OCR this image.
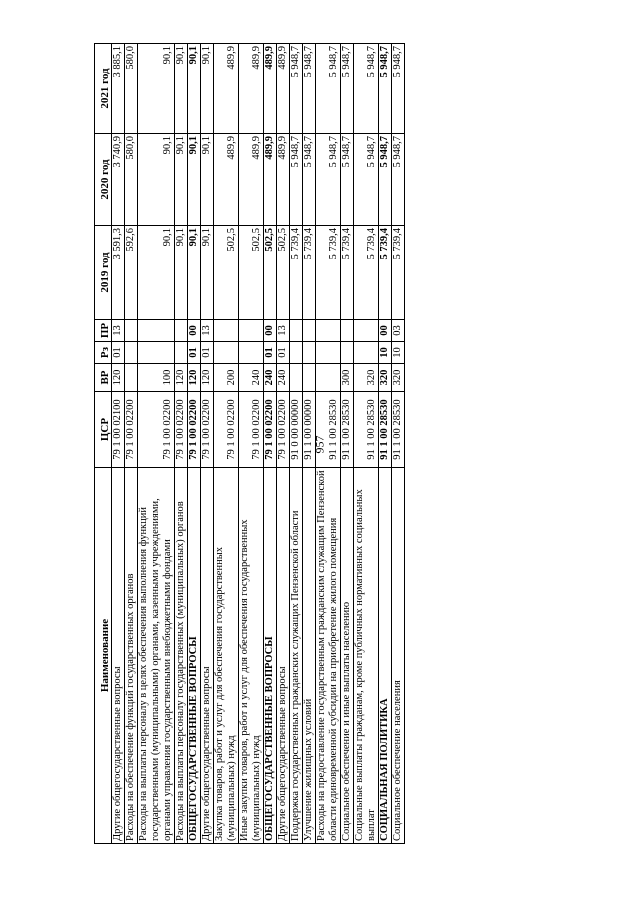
957
Наименование	ЦСР	ВР	Рз	ПР	2019 год	2020 год	2021 год
Другие общегосударственные вопросы	79 1 00 02100	120	01	13	3 591,3	3 740,9	3 885,1
Расходы на обеспечение функций государственных органов	79 1 00 02200				592,6	580,0	580,0
Расходы на выплаты персоналу в целях обеспечения выполнения функций государственными (муниципальными) органами, казенными учреждениями, органами управления государственными внебюджетными фондами	79 1 00 02200	100			90,1	90,1	90,1
Расходы на выплаты персоналу государственных (муниципальных) органов	79 1 00 02200	120			90,1	90,1	90,1
ОБЩЕГОСУДАРСТВЕННЫЕ ВОПРОСЫ	79 1 00 02200	120	01	00	90,1	90,1	90,1
Другие общегосударственные вопросы	79 1 00 02200	120	01	13	90,1	90,1	90,1
Закупка товаров, работ и услуг для обеспечения государственных (муниципальных) нужд	79 1 00 02200	200			502,5	489,9	489,9
Иные закупки товаров, работ и услуг для обеспечения государственных (муниципальных) нужд	79 1 00 02200	240			502,5	489,9	489,9
ОБЩЕГОСУДАРСТВЕННЫЕ ВОПРОСЫ	79 1 00 02200	240	01	00	502,5	489,9	489,9
Другие общегосударственные вопросы	79 1 00 02200	240	01	13	502,5	489,9	489,9
Поддержка государственных гражданских служащих Пензенской области	91 0 00 00000				5 739,4	5 948,7	5 948,7
Улучшение жилищных условий	91 1 00 00000				5 739,4	5 948,7	5 948,7
Расходы на предоставление государственным гражданским служащим Пензенской области единовременной субсидии на приобретение жилого помещения	91 1 00 28530				5 739,4	5 948,7	5 948,7
Социальное обеспечение и иные выплаты населению	91 1 00 28530	300			5 739,4	5 948,7	5 948,7
Социальные выплаты гражданам, кроме публичных нормативных социальных выплат	91 1 00 28530	320			5 739,4	5 948,7	5 948,7
СОЦИАЛЬНАЯ ПОЛИТИКА	91 1 00 28530	320	10	00	5 739,4	5 948,7	5 948,7
Социальное обеспечение населения	91 1 00 28530	320	10	03	5 739,4	5 948,7	5 948,7
